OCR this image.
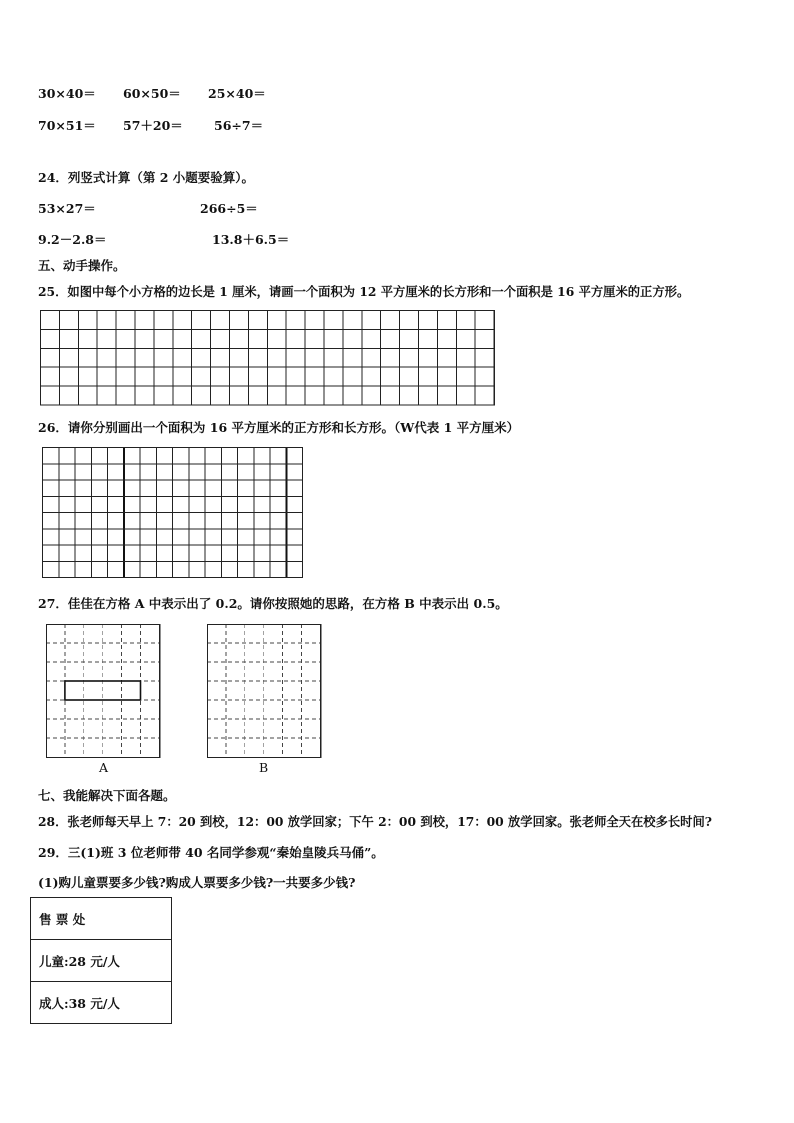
30×40＝ 60×50＝ 25×40＝
70×51＝ 57＋20＝ 56÷7＝
24．列竖式计算（第 2 小题要验算）。
53×27＝	266÷5＝
9.2－2.8＝	13.8＋6.5＝
五、动手操作。
25．如图中每个小方格的边长是 1 厘米，请画一个面积为 12 平方厘米的长方形和一个面积是 16 平方厘米的正方形。
26．请你分别画出一个面积为 16 平方厘米的正方形和长方形。（W代表 1 平方厘米）
27．佳佳在方格 A 中表示出了 0.2。请你按照她的思路，在方格 B 中表示出 0.5。
A	B
七、我能解决下面各题。
28．张老师每天早上 7：20 到校，12：00 放学回家；下午 2：00 到校，17：00 放学回家。张老师全天在校多长时间?
29．三(1)班 3 位老师带 40 名同学参观“秦始皇陵兵马俑”。
(1)购儿童票要多少钱?购成人票要多少钱?一共要多少钱?
售 票 处
儿童:28 元/人
成人:38 元/人
